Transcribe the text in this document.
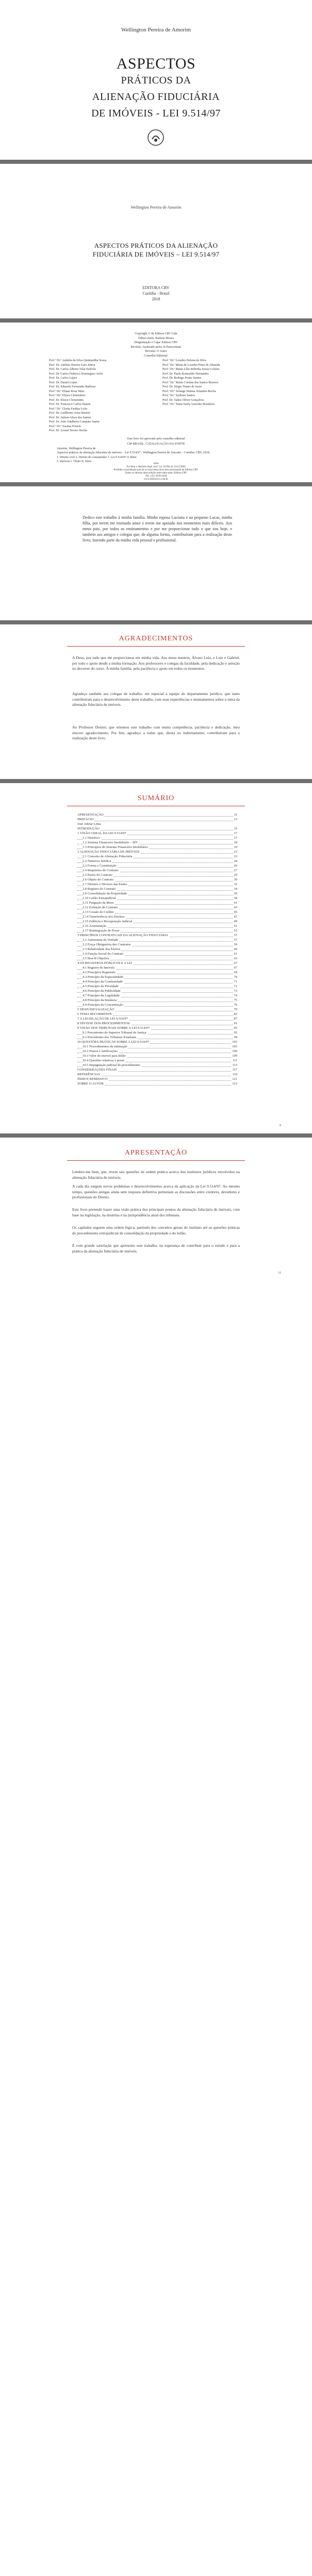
Wellington Pereira de Amorim
ASPECTOS
PRÁTICOS DA
ALIENAÇÃO FIDUCIÁRIA
DE IMÓVEIS - LEI 9.514/97
Wellington Pereira de Amorim
ASPECTOS PRÁTICOS DA ALIENAÇÃO
FIDUCIÁRIA DE IMÓVEIS – LEI 9.514/97
EDITORA CRV
Curitiba - Brasil
2018
Copyright © da Editora CRV Ltda
Editor-chefe: Railson Moura
Diagramação e Capa: Editora CRV
Revisão: Analisado pelos os Pareceristas
Revisão: O Autor
Conselho Editorial:
Prof.ª Dr.ª Andréia da Silva Quintanilha Sousa
Prof. Dr. Antônio Pereira Gaio Júnior
Prof. Dr. Carlos Alberto Vilar Estêvão
Prof. Dr. Carlos Federico Dominguez Avila
Prof. Dr. Carlos López
Prof. Dr. Daniel Lopes
Prof. Dr. Eduardo Fernandes Barbosa
Prof.ª Dr.ª Eliane Rose Maio
Prof.ª Dr.ª Elizeu Clementino
Prof. Dr. Elizeu Clementino
Prof. Dr. Francisco Carlos Duarte
Prof.ª Dr.ª Gloria Fariñas León
Prof. Dr. Guillermo Arias Beatón
Prof. Dr. Jailson Alves dos Santos
Prof. Dr. João Adalberto Campato Junior
Prof.ª Dr.ª Josania Portela
Prof. Dr. Leonel Severo Rocha
Prof.ª Dr.ª Lourdes Helena da Silva
Prof.ª Dr.ª Maria de Lourdes Pinto de Almeida
Prof.ª Dr.ª Maria Lília Imbiriba Sousa Colares
Prof. Dr. Paulo Romualdo Hernandes
Prof. Dr. Rodrigo Pratte-Santos
Prof.ª Dr.ª Maria Cristina dos Santos Bezerra
Prof. Dr. Sérgio Nunes de Jesus
Prof.ª Dr.ª Solange Helena Ximenes-Rocha
Prof.ª Dr.ª Sydione Santos
Prof. Dr. Tadeu Oliver Gonçalves
Prof.ª Dr.ª Tania Suely Azevedo Brasileiro
Este livro foi aprovado pelo conselho editorial
CIP-BRASIL. CATALOGAÇÃO-NA-FONTE
Amorim, Wellington Pereira de
Aspectos práticos da alienação fiduciária de imóveis – Lei 9.514/97 / Wellington Pereira de Amorim – Curitiba: CRV, 2018.
1. Direito civil 2. Direito do consumidor 3. Lei 9.514/97 4. Bens
5. Imóveis I. Título II. Série
2018
Foi feito o depósito legal conf. Lei 10.994 de 14/12/2004
Proibida a reprodução parcial ou total desta obra sem autorização da Editora CRV
Todos os direitos desta edição reservados pela: Editora CRV
Tel.: (41) 3039-6418
www.editoracrv.com.br
Dedico este trabalho à minha família. Minha esposa Luciana e ao pequeno Lucas, minha filha, por terem me ensinado amor e terem me apoiado nos momentos mais difíceis. Aos meus pais, por todos os ensinamentos e por me proporcionar tudo o que sou hoje, e também aos amigos e colegas que, de alguma forma, contribuíram para a realização deste livro, fazendo parte da minha vida pessoal e profissional.
AGRADECIMENTOS
A Deus, por tudo que me proporcionou em minha vida. Aos meus mestres, Álvaro Luiz, e Luiz e Gabriel, por todo o apoio desde a minha formação. Aos professores e colegas da faculdade, pela dedicação e atenção no decorrer do curso. À minha família, pela paciência e apoio em todos os momentos.
Agradeço também aos colegas de trabalho, em especial à equipe do departamento jurídico, que tanto contribuíram para o desenvolvimento deste trabalho, com suas experiências e ensinamentos sobre o tema da alienação fiduciária de imóveis.
Ao Professor Doutor, que orientou este trabalho com muita competência, paciência e dedicação, meu sincero agradecimento. Por fim, agradeço a todos que, direta ou indiretamente, contribuíram para a realização deste livro.
SUMÁRIO
APRESENTAÇÃO	11
PREFÁCIO	13
José Adelar Lima
INTRODUÇÃO	15
1 VISÃO GERAL DA LEI 9.514/97	17
1.1 Histórico	17
1.2 Sistema Financeiro Imobiliário – SFI	18
1.3 Princípios do Sistema Financeiro Imobiliário	19
2 ALIENAÇÃO FIDUCIÁRIA DE IMÓVEIS	23
2.1 Conceito de Alienação Fiduciária	23
2.2 Natureza Jurídica	24
2.3 Forma e Constituição	26
2.4 Requisitos do Contrato	27
2.5 Partes do Contrato	29
2.6 Objeto do Contrato	30
2.7 Direitos e Deveres das Partes	32
2.8 Registro do Contrato	34
2.9 Consolidação da Propriedade	36
2.10 Leilão Extrajudicial	38
2.11 Purgação da Mora	41
2.12 Extinção do Contrato	43
2.13 Cessão do Crédito	45
2.14 Transferência dos Direitos	47
2.15 Falência e Recuperação Judicial	49
2.16 Arrematação	51
2.17 Reintegração de Posse	53
3 PRINCÍPIOS CONTRATUAIS DA ALIENAÇÃO FIDUCIÁRIA	57
3.1 Autonomia da Vontade	57
3.2 Força Obrigatória dos Contratos	59
3.3 Relatividade dos Efeitos	60
3.4 Função Social do Contrato	61
3.5 Boa-fé Objetiva	63
4 OS REGISTROS PÚBLICOS E A LEI	67
4.1 Registro de Imóveis	67
4.2 Princípios Registrais	69
4.3 Princípio da Especialidade	70
4.4 Princípio da Continuidade	71
4.5 Princípio da Prioridade	72
4.6 Princípio da Publicidade	73
4.7 Princípio da Legalidade	74
4.8 Princípio da Instância	75
4.9 Princípio da Concentração	76
5 DESJUDICIALIZAÇÃO	79
6 TEMA RECORRENTE	83
7 A LEGISLAÇÃO DE LEI 9.514/97	87
8 SÍNTESE DOS PROCEDIMENTOS	91
9 VISÃO DOS TRIBUNAIS SOBRE A LEI 9.514/97	95
9.1 Precedentes do Superior Tribunal de Justiça	95
9.2 Precedentes dos Tribunais Estaduais	99
10 QUESTÕES PRÁTICAS SOBRE A LEI 9.514/97	103
10.1 Procedimentos de intimação	103
10.2 Prazos e notificações	106
10.3 Valor do imóvel para leilão	109
10.4 Questões relativas à posse	111
10.5 Impugnação judicial do procedimento	113
CONSIDERAÇÕES FINAIS	117
REFERÊNCIAS	119
ÍNDICE REMISSIVO	121
SOBRE O AUTOR	123
9
APRESENTAÇÃO
Lembro-me bem, que, tivem tais questões de ordem prática acerca dos institutos jurídicos envolvidos na alienação fiduciária de imóveis.
A cada dia surgem novos problemas e desenvolvimentos acerca da aplicação da Lei 9.514/97. Ao mesmo tempo, questões antigas ainda sem resposta definitiva permeiam as discussões entre credores, devedores e profissionais do Direito.
Este livro pretende trazer uma visão prática dos principais pontos da alienação fiduciária de imóveis, com base na legislação, na doutrina e na jurisprudência atual dos tribunais.
Os capítulos seguem uma ordem lógica, partindo dos conceitos gerais do instituto até as questões práticas do procedimento extrajudicial de consolidação da propriedade e do leilão.
É com grande satisfação que apresento este trabalho, na esperança de contribuir para o estudo e para a prática da alienação fiduciária de imóveis.
11
